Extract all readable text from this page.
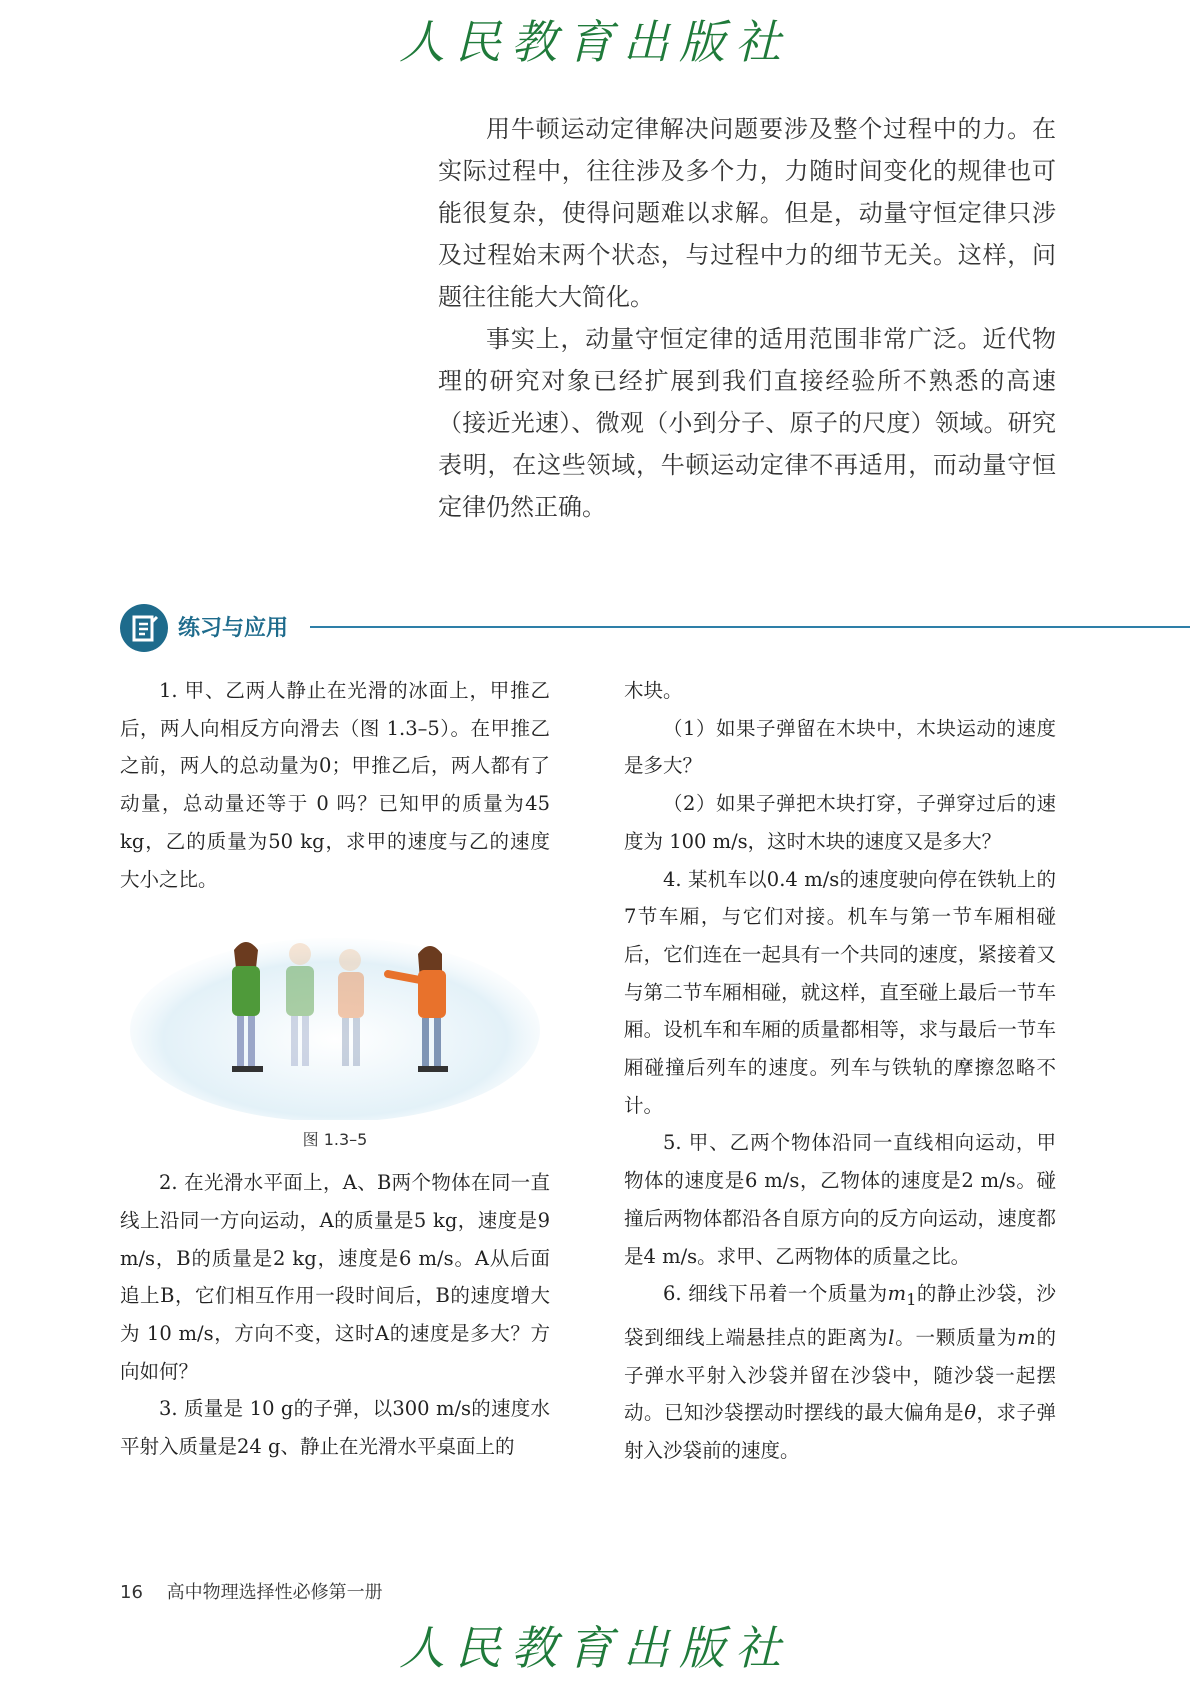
人民教育出版社

用牛顿运动定律解决问题要涉及整个过程中的力。在实际过程中，往往涉及多个力，力随时间变化的规律也可能很复杂，使得问题难以求解。但是，动量守恒定律只涉及过程始末两个状态，与过程中力的细节无关。这样，问题往往能大大简化。

事实上，动量守恒定律的适用范围非常广泛。近代物理的研究对象已经扩展到我们直接经验所不熟悉的高速（接近光速）、微观（小到分子、原子的尺度）领域。研究表明，在这些领域，牛顿运动定律不再适用，而动量守恒定律仍然正确。

练习与应用

1. 甲、乙两人静止在光滑的冰面上，甲推乙后，两人向相反方向滑去（图 1.3–5）。在甲推乙之前，两人的总动量为0；甲推乙后，两人都有了动量，总动量还等于 0 吗？已知甲的质量为45 kg，乙的质量为50 kg，求甲的速度与乙的速度大小之比。

图 1.3–5

2. 在光滑水平面上，A、B两个物体在同一直线上沿同一方向运动，A的质量是5 kg，速度是9 m/s，B的质量是2 kg，速度是6 m/s。A从后面追上B，它们相互作用一段时间后，B的速度增大为 10 m/s，方向不变，这时A的速度是多大？方向如何？

3. 质量是 10 g的子弹，以300 m/s的速度水平射入质量是24 g、静止在光滑水平桌面上的

木块。

（1）如果子弹留在木块中，木块运动的速度是多大？

（2）如果子弹把木块打穿，子弹穿过后的速度为 100 m/s，这时木块的速度又是多大？

4. 某机车以0.4 m/s的速度驶向停在铁轨上的7节车厢，与它们对接。机车与第一节车厢相碰后，它们连在一起具有一个共同的速度，紧接着又与第二节车厢相碰，就这样，直至碰上最后一节车厢。设机车和车厢的质量都相等，求与最后一节车厢碰撞后列车的速度。列车与铁轨的摩擦忽略不计。

5. 甲、乙两个物体沿同一直线相向运动，甲物体的速度是6 m/s，乙物体的速度是2 m/s。碰撞后两物体都沿各自原方向的反方向运动，速度都是4 m/s。求甲、乙两物体的质量之比。

6. 细线下吊着一个质量为$m_1$的静止沙袋，沙袋到细线上端悬挂点的距离为l。一颗质量为m的子弹水平射入沙袋并留在沙袋中，随沙袋一起摆动。已知沙袋摆动时摆线的最大偏角是θ，求子弹射入沙袋前的速度。

16 高中物理选择性必修第一册
人民教育出版社
